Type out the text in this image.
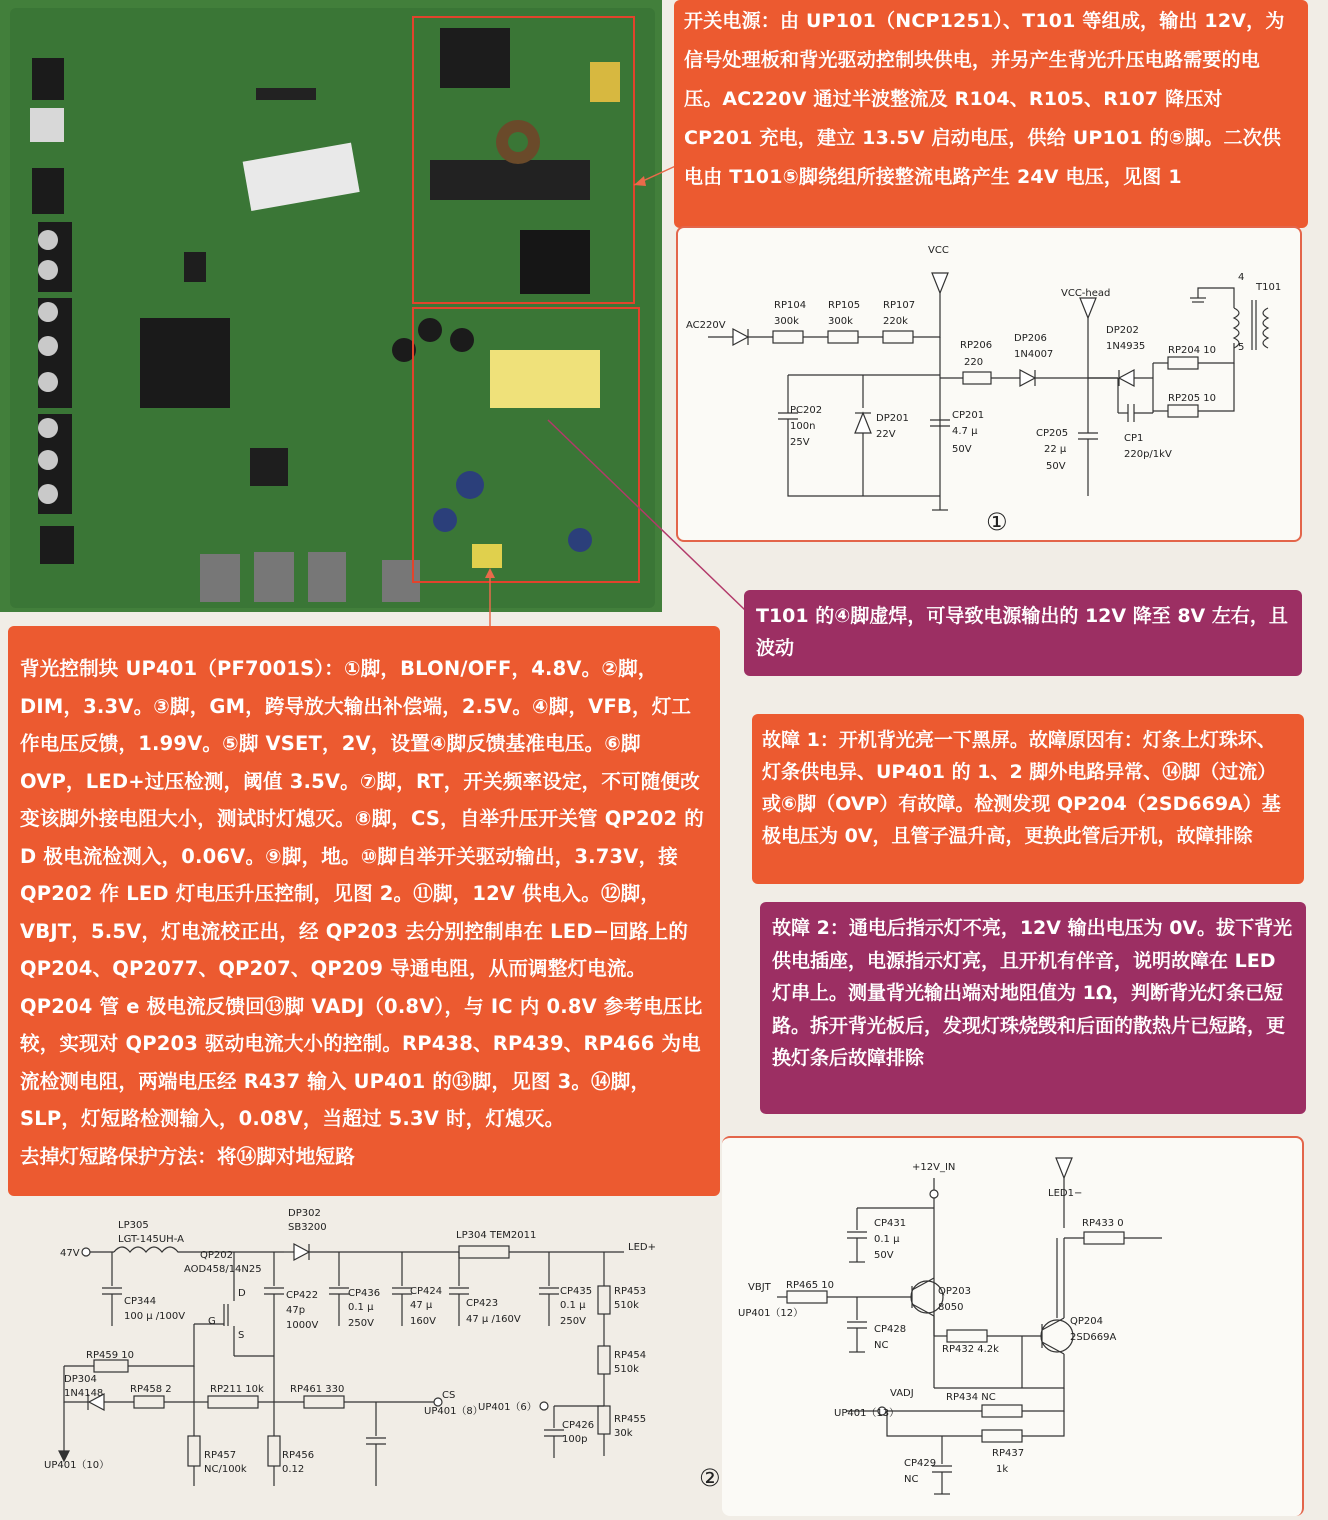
开关电源：由 UP101（NCP1251）、T101 等组成，输出 12V，为信号处理板和背光驱动控制块供电，并另产生背光升压电路需要的电压。AC220V 通过半波整流及 R104、R105、R107 降压对 CP201 充电，建立 13.5V 启动电压，供给 UP101 的⑤脚。二次供电由 T101⑤脚绕组所接整流电路产生 24V 电压，见图 1
VCC
AC220V
RP104
300k
RP105
300k
RP107
220k
RP206
220
DP206
1N4007
VCC-head
DP202
1N4935 RP204 10
RP205 10
T101
4
5
PC202
100n
25V
DP201
22V
CP201
4.7 μ
50V
CP205
22 μ
50V
CP1
220p/1kV
①
T101 的④脚虚焊，可导致电源输出的 12V 降至 8V 左右，且波动
背光控制块 UP401（PF7001S）：①脚，BLON/OFF，4.8V。②脚，DIM，3.3V。③脚，GM，跨导放大输出补偿端，2.5V。④脚，VFB，灯工作电压反馈，1.99V。⑤脚 VSET，2V，设置④脚反馈基准电压。⑥脚 OVP，LED+过压检测，阈值 3.5V。⑦脚，RT，开关频率设定，不可随便改变该脚外接电阻大小，测试时灯熄灭。⑧脚，CS，自举升压开关管 QP202 的 D 极电流检测入，0.06V。⑨脚，地。⑩脚自举开关驱动输出，3.73V，接 QP202 作 LED 灯电压升压控制，见图 2。⑪脚，12V 供电入。⑫脚，VBJT，5.5V，灯电流校正出，经 QP203 去分别控制串在 LED−回路上的 QP204、QP2077、QP207、QP209 导通电阻，从而调整灯电流。QP204 管 e 极电流反馈回⑬脚 VADJ（0.8V），与 IC 内 0.8V 参考电压比较，实现对 QP203 驱动电流大小的控制。RP438、RP439、RP466 为电流检测电阻，两端电压经 R437 输入 UP401 的⑬脚，见图 3。⑭脚，SLP，灯短路检测输入，0.08V，当超过 5.3V 时，灯熄灭。
去掉灯短路保护方法：将⑭脚对地短路
故障 1：开机背光亮一下黑屏。故障原因有：灯条上灯珠坏、灯条供电异、UP401 的 1、2 脚外电路异常、⑭脚（过流）或⑥脚（OVP）有故障。检测发现 QP204（2SD669A）基极电压为 0V，且管子温升高，更换此管后开机，故障排除
故障 2：通电后指示灯不亮，12V 输出电压为 0V。拔下背光供电插座，电源指示灯亮，且开机有伴音，说明故障在 LED 灯串上。测量背光输出端对地阻值为 1Ω，判断背光灯条已短路。拆开背光板后，发现灯珠烧毁和后面的散热片已短路，更换灯条后故障排除
47V
LP305
LGT-145UH-A
DP302
SB3200
LP304 TEM2011
LED+
QP202
AOD458/14N25
CP344
100 μ /100V
CP422
47p
1000V
CP436
0.1 μ
250V
CP424
47 μ
160V
CP423
47 μ /160V
CP435
0.1 μ
250V
RP453
510k
RP454
510k
RP455
30k
CP426
100p
RP459 10
DP304
1N4148	RP458 2	RP211 10k	RP461 330
CS
UP401（8）
UP401（6）
RP457
NC/100k
RP456
0.12
UP401（10）
G
D
S
②
+12V_IN
LED1−
CP431
0.1 μ
50V
VBJT RP465 10
UP401（12）
QP203
8050
CP428
NC
RP433 0
RP432 4.2k
QP204
2SD669A
VADJ	RP434 NC
UP401（13）
RP437
1k
CP429
NC
